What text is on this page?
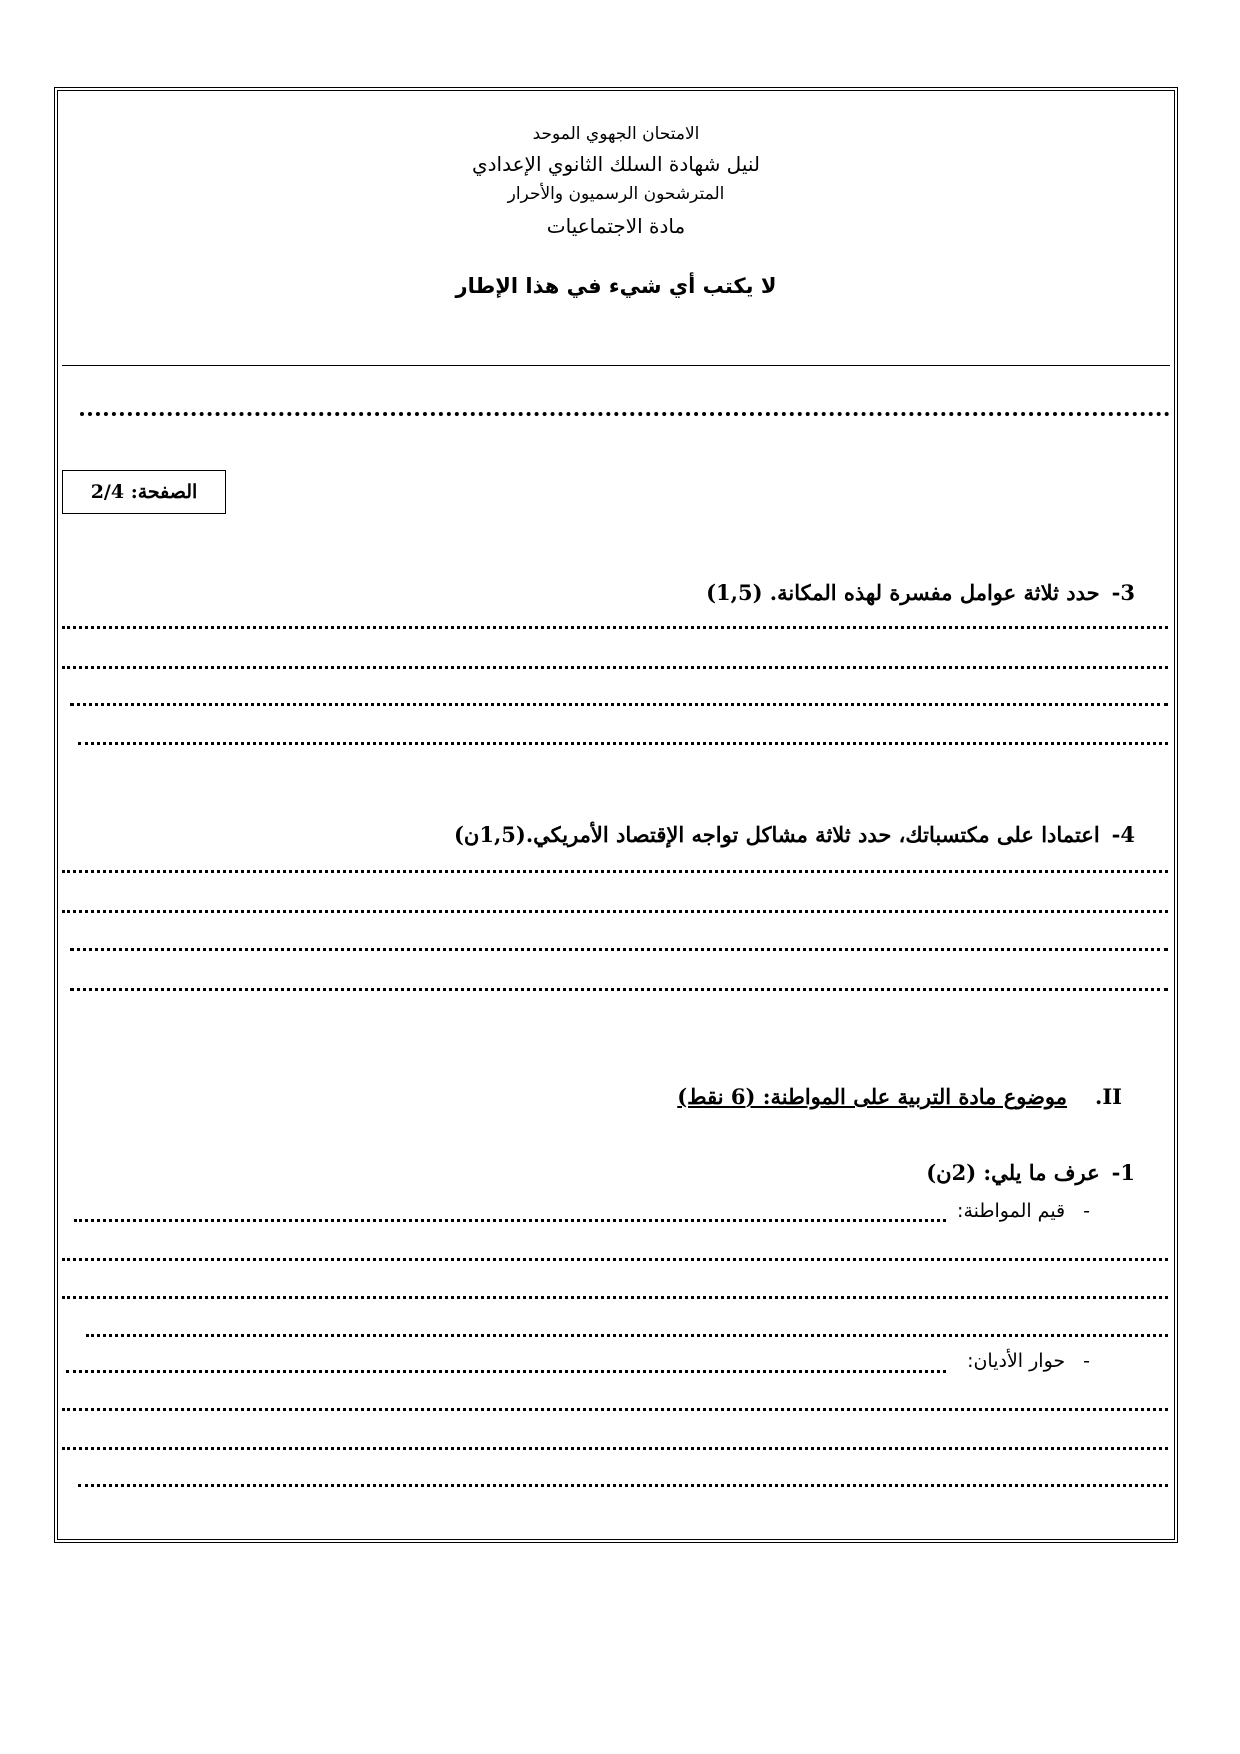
الامتحان الجهوي الموحد
لنيل شهادة السلك الثانوي الإعدادي
المترشحون الرسميون والأحرار
مادة الاجتماعيات
لا يكتب أي شيء في هذا الإطار
الصفحة:

2/4
3-حدد ثلاثة عوامل مفسرة لهذه المكانة. (1,5)
4-اعتمادا على مكتسباتك، حدد ثلاثة مشاكل تواجه الإقتصاد الأمريكي.(1,5ن)
II.موضوع مادة التربية على المواطنة: (6 نقط)
1-عرف ما يلي: (2ن)
-قيم المواطنة:
-حوار الأديان:
